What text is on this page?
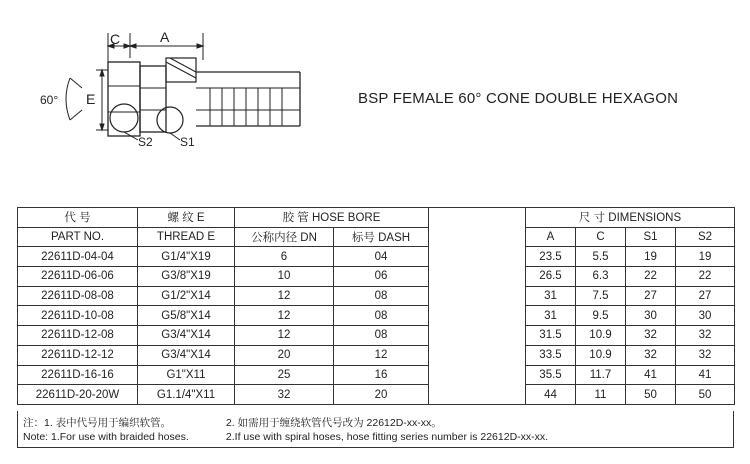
C	A
E
60°
S2 S1
BSP FEMALE 60° CONE DOUBLE HEXAGON
代 号	螺 纹 E	胶 管 HOSE BORE			尺 寸 DIMENSIONS			
PART NO.	THREAD E	公称内径 DN	标号 DASH		A	C	S1	S2
22611D-04-04	G1/4"X19	6	04		23.5	5.5	19	19
22611D-06-06	G3/8"X19	10	06		26.5	6.3	22	22
22611D-08-08	G1/2"X14	12	08		31	7.5	27	27
22611D-10-08	G5/8"X14	12	08		31	9.5	30	30
22611D-12-08	G3/4"X14	12	08		31.5	10.9	32	32
22611D-12-12	G3/4"X14	20	12		33.5	10.9	32	32
22611D-16-16	G1"X11	25	16		35.5	11.7	41	41
22611D-20-20W	G1.1/4"X11	32	20		44	11	50	50
注：1. 表中代号用于编织软管。	2. 如需用于缠绕软管代号改为 22612D-xx-xx。
Note: 1.For use with braided hoses.	2.If use with spiral hoses, hose fitting series number is 22612D-xx-xx.
